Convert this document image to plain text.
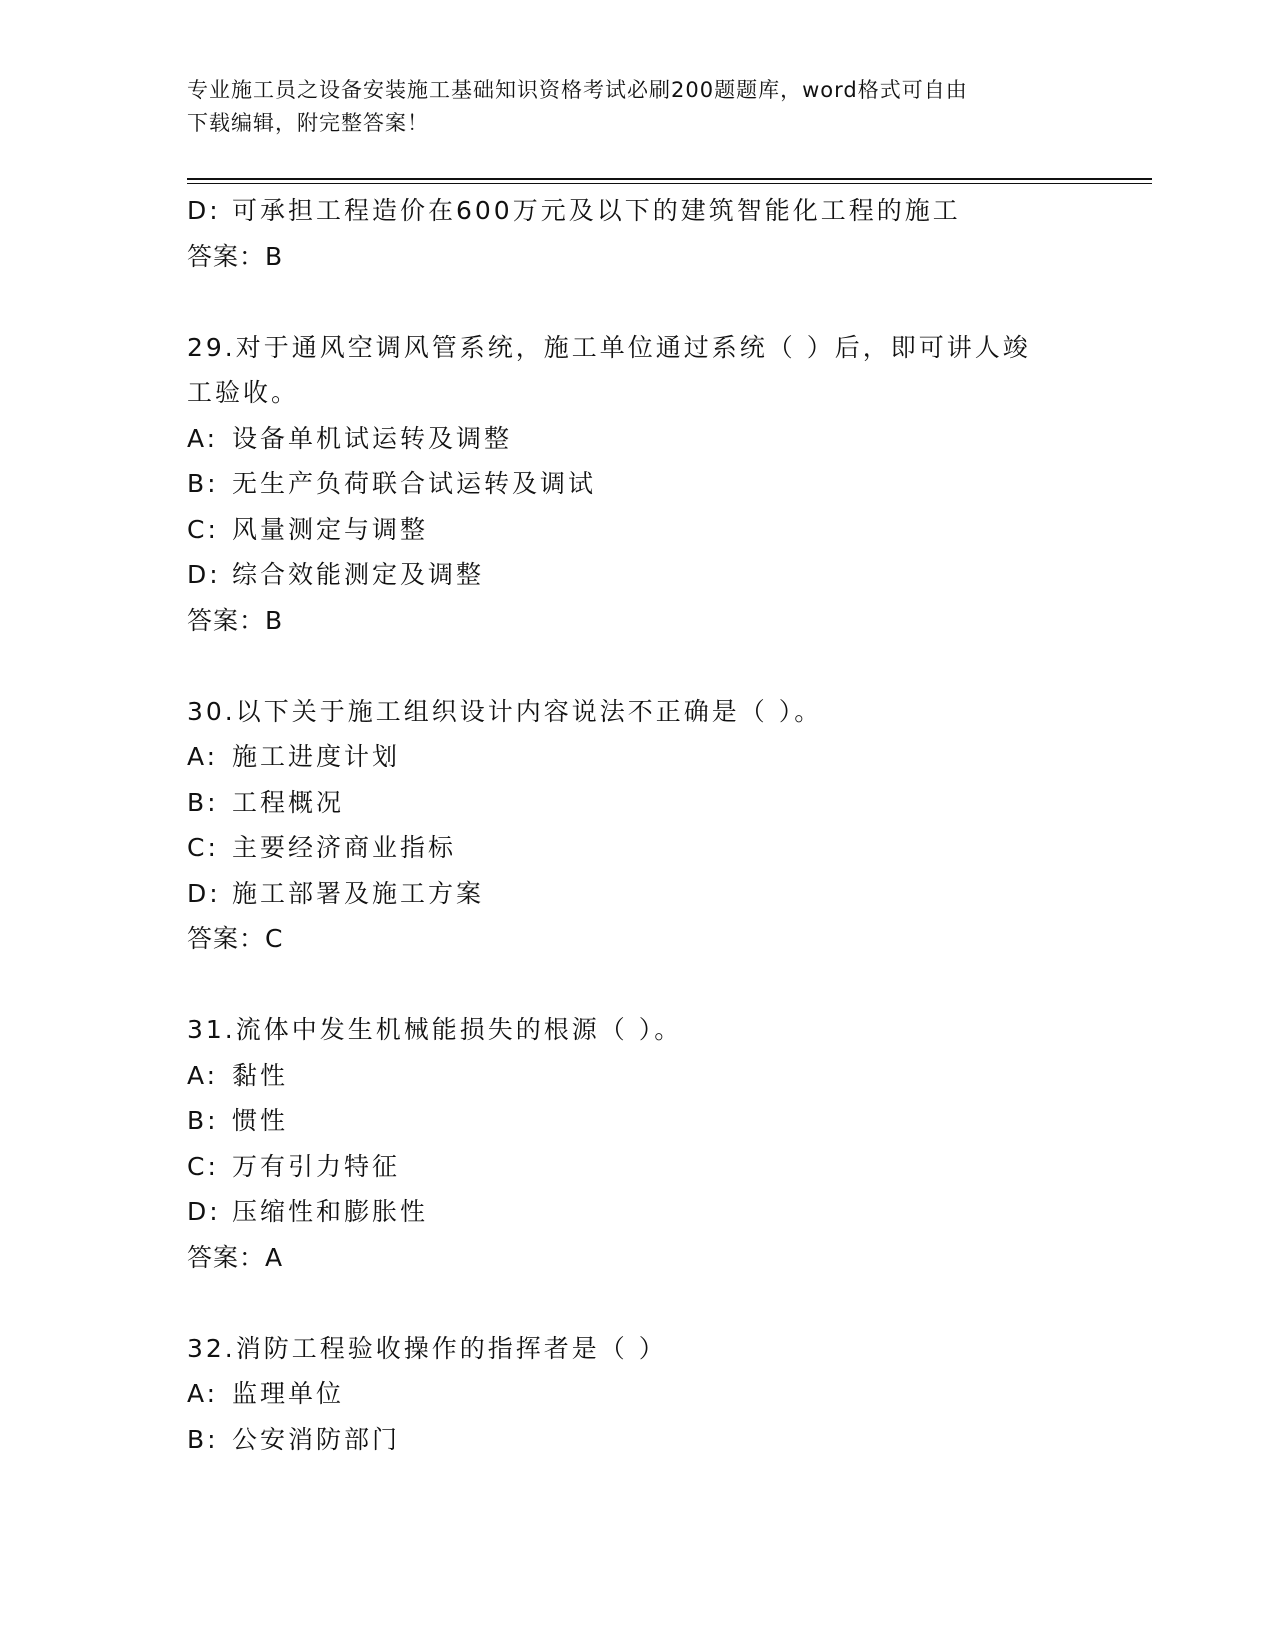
专业施工员之设备安装施工基础知识资格考试必刷200题题库，word格式可自由
下载编辑，附完整答案！
D: 可承担工程造价在600万元及以下的建筑智能化工程的施工
答案：B
29.对于通风空调风管系统，施工单位通过系统（ ）后，即可讲人竣
工验收。
A: 设备单机试运转及调整
B: 无生产负荷联合试运转及调试
C: 风量测定与调整
D: 综合效能测定及调整
答案：B
30.以下关于施工组织设计内容说法不正确是（ ）。
A: 施工进度计划
B: 工程概况
C: 主要经济商业指标
D: 施工部署及施工方案
答案：C
31.流体中发生机械能损失的根源（ ）。
A: 黏性
B: 惯性
C: 万有引力特征
D: 压缩性和膨胀性
答案：A
32.消防工程验收操作的指挥者是（ ）
A: 监理单位
B: 公安消防部门
